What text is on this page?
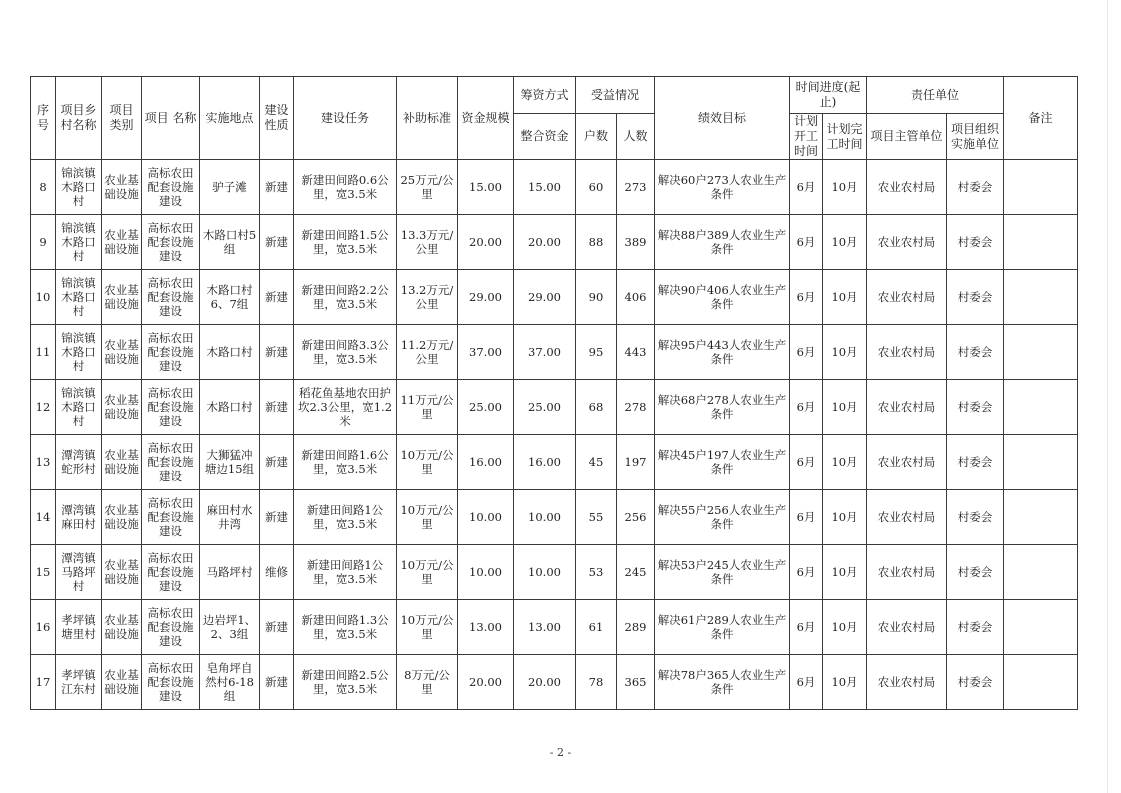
序号	项目乡村名称	项目类别	项目 名称	实施地点	建设性质	建设任务	补助标准	资金规模	筹资方式	受益情况		绩效目标	时间进度(起止)		责任单位		备注
									整合资金	户数	人数		计划开工时间	计划完工时间	项目主管单位	项目组织实施单位	
8	锦滨镇木路口村	农业基础设施	高标农田配套设施建设	驴子滩	新建	新建田间路0.6公里，宽3.5米	25万元/公里	15.00	15.00	60	273	解决60户273人农业生产条件	6月	10月	农业农村局	村委会	
9	锦滨镇木路口村	农业基础设施	高标农田配套设施建设	木路口村5组	新建	新建田间路1.5公里，宽3.5米	13.3万元/公里	20.00	20.00	88	389	解决88户389人农业生产条件	6月	10月	农业农村局	村委会	
10	锦滨镇木路口村	农业基础设施	高标农田配套设施建设	木路口村6、7组	新建	新建田间路2.2公里，宽3.5米	13.2万元/公里	29.00	29.00	90	406	解决90户406人农业生产条件	6月	10月	农业农村局	村委会	
11	锦滨镇木路口村	农业基础设施	高标农田配套设施建设	木路口村	新建	新建田间路3.3公里，宽3.5米	11.2万元/公里	37.00	37.00	95	443	解决95户443人农业生产条件	6月	10月	农业农村局	村委会	
12	锦滨镇木路口村	农业基础设施	高标农田配套设施建设	木路口村	新建	稻花鱼基地农田护坎2.3公里，宽1.2米	11万元/公里	25.00	25.00	68	278	解决68户278人农业生产条件	6月	10月	农业农村局	村委会	
13	潭湾镇蛇形村	农业基础设施	高标农田配套设施建设	大狮猛冲塘边15组	新建	新建田间路1.6公里，宽3.5米	10万元/公里	16.00	16.00	45	197	解决45户197人农业生产条件	6月	10月	农业农村局	村委会	
14	潭湾镇麻田村	农业基础设施	高标农田配套设施建设	麻田村水井湾	新建	新建田间路1公里，宽3.5米	10万元/公里	10.00	10.00	55	256	解决55户256人农业生产条件	6月	10月	农业农村局	村委会	
15	潭湾镇马路坪村	农业基础设施	高标农田配套设施建设	马路坪村	维修	新建田间路1公里，宽3.5米	10万元/公里	10.00	10.00	53	245	解决53户245人农业生产条件	6月	10月	农业农村局	村委会	
16	孝坪镇塘里村	农业基础设施	高标农田配套设施建设	边岩坪1、2、3组	新建	新建田间路1.3公里，宽3.5米	10万元/公里	13.00	13.00	61	289	解决61户289人农业生产条件	6月	10月	农业农村局	村委会	
17	孝坪镇江东村	农业基础设施	高标农田配套设施建设	皂角坪自然村6-18组	新建	新建田间路2.5公里，宽3.5米	8万元/公里	20.00	20.00	78	365	解决78户365人农业生产条件	6月	10月	农业农村局	村委会	
- 2 -
